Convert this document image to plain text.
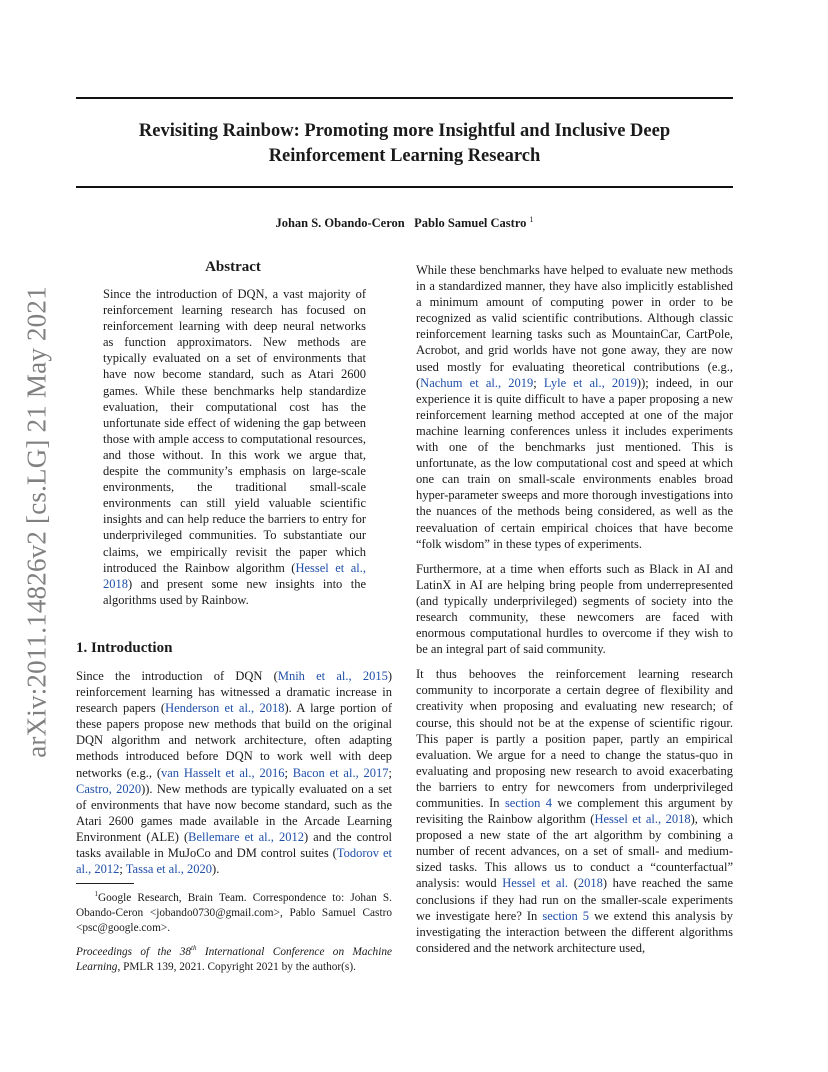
arXiv:2011.14826v2 [cs.LG] 21 May 2021
Revisiting Rainbow: Promoting more Insightful and Inclusive Deep
Reinforcement Learning Research
Johan S. Obando-Ceron   Pablo Samuel Castro $^1$
Abstract

Since the introduction of DQN, a vast majority of reinforcement learning research has focused on reinforcement learning with deep neural networks as function approximators. New methods are typically evaluated on a set of environments that have now become standard, such as Atari 2600 games. While these benchmarks help standardize evaluation, their computational cost has the unfortunate side effect of widening the gap between those with ample access to computational resources, and those without. In this work we argue that, despite the community’s emphasis on large-scale environments, the traditional small-scale environments can still yield valuable scientific insights and can help reduce the barriers to entry for underprivileged communities. To substantiate our claims, we empirically revisit the paper which introduced the Rainbow algorithm (Hessel et al., 2018) and present some new insights into the algorithms used by Rainbow.

1. Introduction

Since the introduction of DQN (Mnih et al., 2015) reinforcement learning has witnessed a dramatic increase in research papers (Henderson et al., 2018). A large portion of these papers propose new methods that build on the original DQN algorithm and network architecture, often adapting methods introduced before DQN to work well with deep networks (e.g., (van Hasselt et al., 2016; Bacon et al., 2017; Castro, 2020)). New methods are typically evaluated on a set of environments that have now become standard, such as the Atari 2600 games made available in the Arcade Learning Environment (ALE) (Bellemare et al., 2012) and the control tasks available in MuJoCo and DM control suites (Todorov et al., 2012; Tassa et al., 2020).

$^1$Google Research, Brain Team. Correspondence to: Johan S. Obando-Ceron <jobando0730@gmail.com>, Pablo Samuel Castro <psc@google.com>.
Proceedings of the 38th International Conference on Machine Learning, PMLR 139, 2021. Copyright 2021 by the author(s).

While these benchmarks have helped to evaluate new methods in a standardized manner, they have also implicitly established a minimum amount of computing power in order to be recognized as valid scientific contributions. Although classic reinforcement learning tasks such as MountainCar, CartPole, Acrobot, and grid worlds have not gone away, they are now used mostly for evaluating theoretical contributions (e.g., (Nachum et al., 2019; Lyle et al., 2019)); indeed, in our experience it is quite difficult to have a paper proposing a new reinforcement learning method accepted at one of the major machine learning conferences unless it includes experiments with one of the benchmarks just mentioned. This is unfortunate, as the low computational cost and speed at which one can train on small-scale environments enables broad hyper-parameter sweeps and more thorough investigations into the nuances of the methods being considered, as well as the reevaluation of certain empirical choices that have become “folk wisdom” in these types of experiments.

Furthermore, at a time when efforts such as Black in AI and LatinX in AI are helping bring people from underrepresented (and typically underprivileged) segments of society into the research community, these newcomers are faced with enormous computational hurdles to overcome if they wish to be an integral part of said community.

It thus behooves the reinforcement learning research community to incorporate a certain degree of flexibility and creativity when proposing and evaluating new research; of course, this should not be at the expense of scientific rigour. This paper is partly a position paper, partly an empirical evaluation. We argue for a need to change the status-quo in evaluating and proposing new research to avoid exacerbating the barriers to entry for newcomers from underprivileged communities. In section 4 we complement this argument by revisiting the Rainbow algorithm (Hessel et al., 2018), which proposed a new state of the art algorithm by combining a number of recent advances, on a set of small- and medium-sized tasks. This allows us to conduct a “counterfactual” analysis: would Hessel et al. (2018) have reached the same conclusions if they had run on the smaller-scale experiments we investigate here? In section 5 we extend this analysis by investigating the interaction between the different algorithms considered and the network architecture used,
